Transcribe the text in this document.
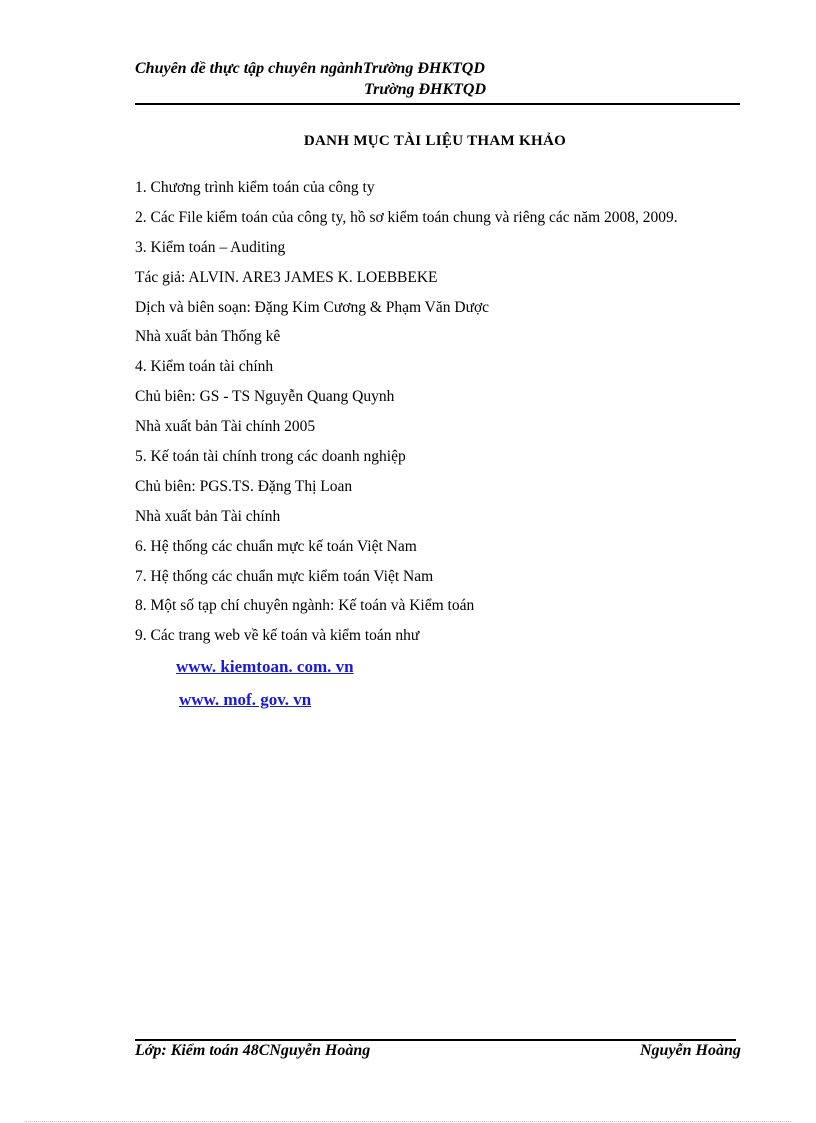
Chuyên đề thực tập chuyên ngànhTrường ĐHKTQD
Trường ĐHKTQD
DANH MỤC TÀI LIỆU THAM KHẢO
1. Chương trình kiểm toán của công ty
2. Các File kiểm toán của công ty, hồ sơ kiểm toán chung và riêng các năm 2008, 2009.
3. Kiểm toán – Auditing
Tác giả: ALVIN. ARE3 JAMES K. LOEBBEKE
Dịch và biên soạn: Đặng Kim Cương & Phạm Văn Dược
Nhà xuất bản Thống kê
4. Kiểm toán tài chính
Chủ biên: GS - TS Nguyễn Quang Quynh
Nhà xuất bản Tài chính 2005
5. Kế toán tài chính trong các doanh nghiệp
Chủ biên: PGS.TS. Đặng Thị Loan
Nhà xuất bản Tài chính
6. Hệ thống các chuẩn mực kế toán Việt Nam
7. Hệ thống các chuẩn mực kiểm toán Việt Nam
8. Một số tạp chí chuyên ngành: Kế toán và Kiểm toán
9. Các trang web về kế toán và kiểm toán như
www. kiemtoan. com. vn
www. mof. gov. vn
Lớp: Kiểm toán 48CNguyễn Hoàng	Nguyễn Hoàng
